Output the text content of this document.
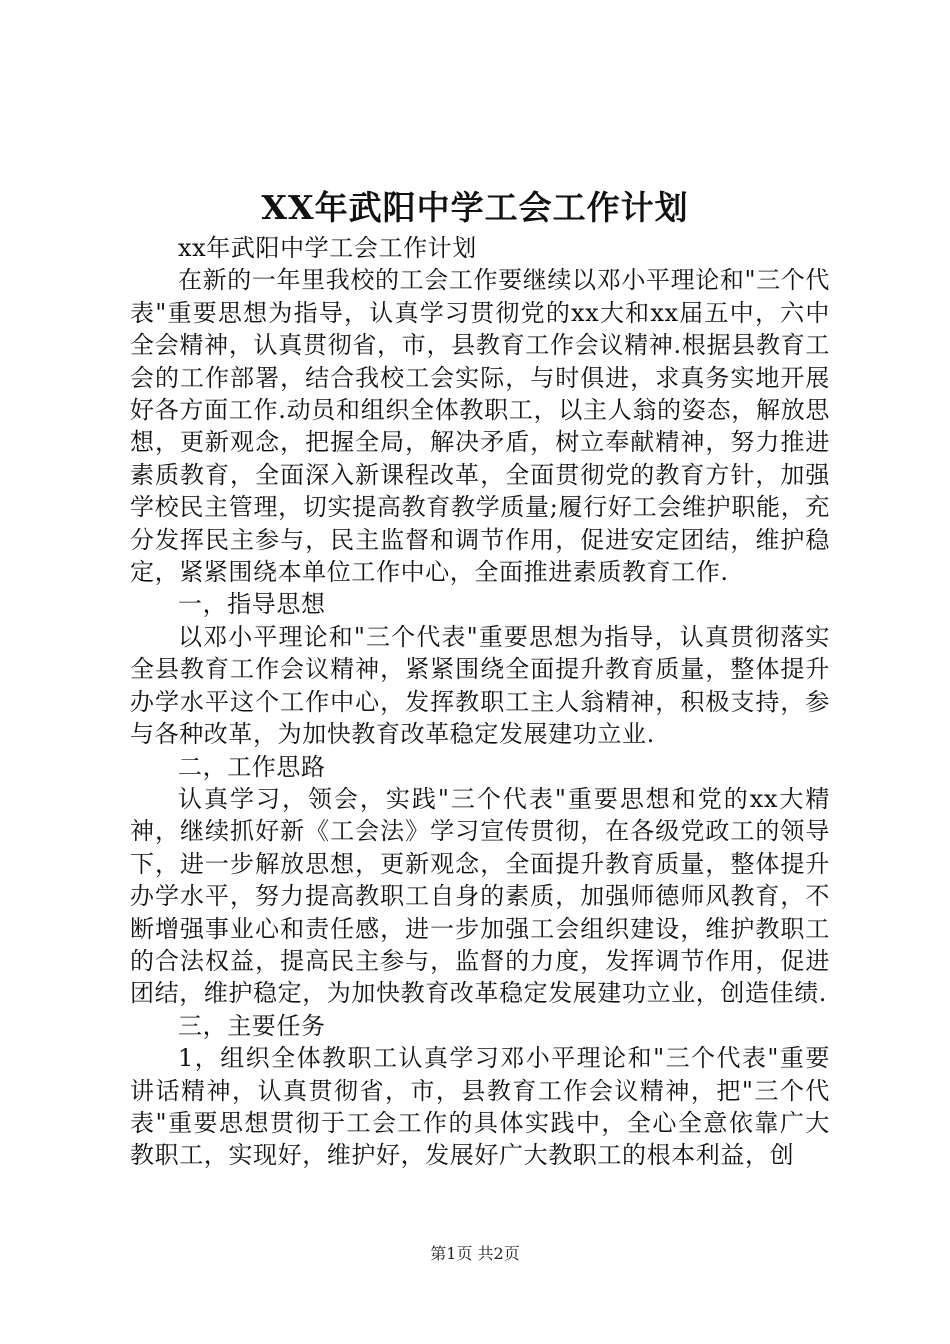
XX年武阳中学工会工作计划

xx年武阳中学工会工作计划

在新的一年里我校的工会工作要继续以邓小平理论和"三个代表"重要思想为指导，认真学习贯彻党的xx大和xx届五中，六中全会精神，认真贯彻省，市，县教育工作会议精神.根据县教育工会的工作部署，结合我校工会实际，与时俱进，求真务实地开展好各方面工作.动员和组织全体教职工，以主人翁的姿态，解放思想，更新观念，把握全局，解决矛盾，树立奉献精神，努力推进素质教育，全面深入新课程改革，全面贯彻党的教育方针，加强学校民主管理，切实提高教育教学质量;履行好工会维护职能，充分发挥民主参与，民主监督和调节作用，促进安定团结，维护稳定，紧紧围绕本单位工作中心，全面推进素质教育工作.

一，指导思想

以邓小平理论和"三个代表"重要思想为指导，认真贯彻落实全县教育工作会议精神，紧紧围绕全面提升教育质量，整体提升办学水平这个工作中心，发挥教职工主人翁精神，积极支持，参与各种改革，为加快教育改革稳定发展建功立业.

二，工作思路

认真学习，领会，实践"三个代表"重要思想和党的xx大精神，继续抓好新《工会法》学习宣传贯彻，在各级党政工的领导下，进一步解放思想，更新观念，全面提升教育质量，整体提升办学水平，努力提高教职工自身的素质，加强师德师风教育，不断增强事业心和责任感，进一步加强工会组织建设，维护教职工的合法权益，提高民主参与，监督的力度，发挥调节作用，促进团结，维护稳定，为加快教育改革稳定发展建功立业，创造佳绩.

三，主要任务

1，组织全体教职工认真学习邓小平理论和"三个代表"重要讲话精神，认真贯彻省，市，县教育工作会议精神，把"三个代表"重要思想贯彻于工会工作的具体实践中，全心全意依靠广大教职工，实现好，维护好，发展好广大教职工的根本利益，创

第1页 共2页
